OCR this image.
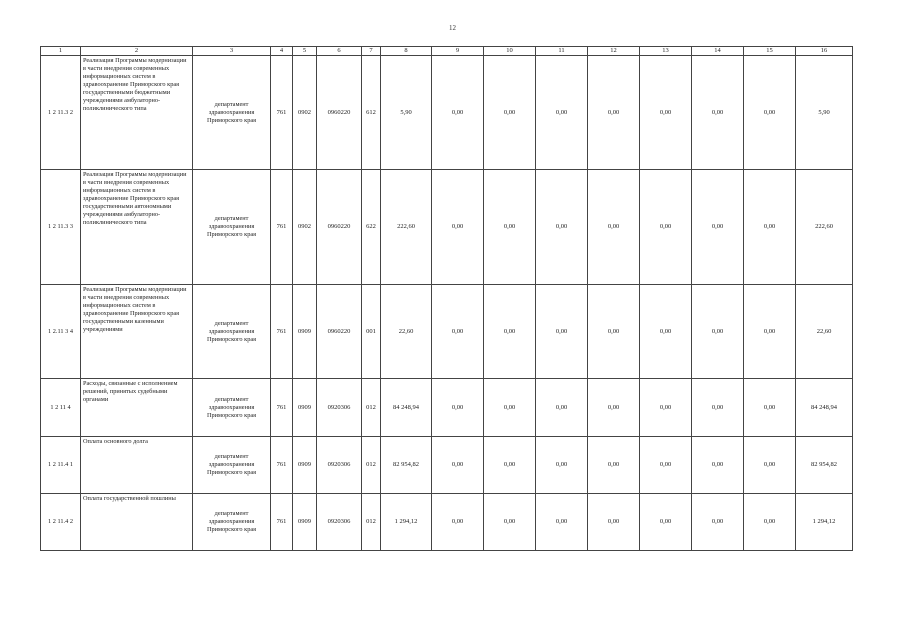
12
1	2	3	4	5	6	7	8	9	10	11	12	13	14	15	16
1 2 11.3 2	Реализация Программы модернизации в части внедрения современных информационных систем в здравоохранение Приморского края государственными бюджетными учреждениями амбулаторно-поликлинического типа	департамент здравоохранения Приморского края	761	0902	0960220	612	5,90	0,00	0,00	0,00	0,00	0,00	0,00	0,00	5,90
1 2 11.3 3	Реализация Программы модернизации в части внедрения современных информационных систем в здравоохранение Приморского края государственными автономными учреждениями амбулаторно-поликлинического типа	департамент здравоохранения Приморского края	761	0902	0960220	622	222,60	0,00	0,00	0,00	0,00	0,00	0,00	0,00	222,60
1 2.11 3 4	Реализация Программы модернизации в части внедрения современных информационных систем в здравоохранение Приморского края государственными казенными учреждениями	департамент здравоохранения Приморского края	761	0909	0960220	001	22,60	0,00	0,00	0,00	0,00	0,00	0,00	0,00	22,60
1 2 11 4	Расходы, связанные с исполнением решений, принятых судебными органами	департамент здравоохранения Приморского края	761	0909	0920306	012	84 248,94	0,00	0,00	0,00	0,00	0,00	0,00	0,00	84 248,94
1 2 11.4 1	Оплата основного долга	департамент здравоохранения Приморского края	761	0909	0920306	012	82 954,82	0,00	0,00	0,00	0,00	0,00	0,00	0,00	82 954,82
1 2 11.4 2	Оплата государственной пошлины	департамент здравоохранения Приморского края	761	0909	0920306	012	1 294,12	0,00	0,00	0,00	0,00	0,00	0,00	0,00	1 294,12
